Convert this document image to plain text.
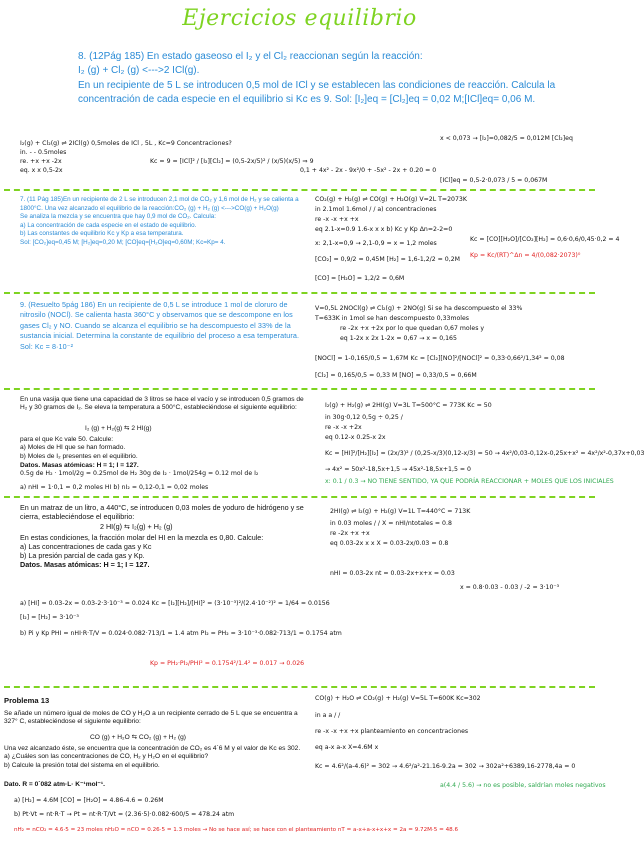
Ejercicios equilibrio
8. (12Pág 185) En estado gaseoso el I₂ y el Cl₂ reaccionan según la reacción:
I₂ (g) + Cl₂ (g) <--->2 ICl(g).
En un recipiente de 5 L se introducen 0,5 mol de ICl y se establecen las condiciones de reacción. Calcula la concentración de cada especie en el equilibrio si Kc es 9. Sol: [I₂]eq = [Cl₂]eq = 0,02 M;[ICl]eq= 0,06 M.
I₂(g) + Cl₂(g) ⇌ 2ICl(g) 0,5moles de ICl , 5L , Kc=9 Concentraciones?
in. - - 0.5moles
re. +x +x -2x
eq. x x 0,5-2x
Kc = 9 = [ICl]² / [I₂][Cl₂] = (0,5-2x/5)² / (x/5)(x/5) ⇒ 9
0,1 + 4x² - 2x - 9x²/0 + -5x² - 2x + 0.20 = 0
x < 0,073 → [I₂]=0,082/5 = 0,012M [Cl₂]eq
[ICl]eq = 0,5-2·0,073 / 5 = 0,067M
7. (11 Pág 185)En un recipiente de 2 L se introducen 2,1 mol de CO₂ y 1,6 mol de H₂ y se calienta a 1800°C. Una vez alcanzado el equilibrio de la reacción:CO₂ (g) + H₂ (g) <--->CO(g) + H₂O(g)
Se analiza la mezcla y se encuentra que hay 0,9 mol de CO₂. Calcula:
a) La concentración de cada especie en el estado de equilibrio.
b) Las constantes de equilibrio Kc y Kp a esa temperatura.
Sol: [CO₂]eq=0,45 M; [H₂]eq=0,20 M; [CO]eq=[H₂O]eq=0,60M; Kc=Kp= 4.
CO₂(g) + H₂(g) ⇌ CO(g) + H₂O(g) V=2L T=2073K
in 2.1mol 1.6mol / / a) concentraciones
re -x -x +x +x
eq 2.1-x=0.9 1.6-x x x b) Kc y Kp Δn=2-2=0
x: 2,1-x=0,9 → 2,1-0,9 = x = 1,2 moles
[CO₂] = 0,9/2 = 0,45M [H₂] = 1,6-1,2/2 = 0,2M
[CO] = [H₂O] = 1,2/2 = 0,6M
Kc = [CO][H₂O]/[CO₂][H₂] = 0,6·0,6/0,45·0,2 = 4
Kp = Kc/(RT)^Δn = 4/(0,082·2073)⁰
9. (Resuelto 5pág 186) En un recipiente de 0,5 L se introduce 1 mol de cloruro de nitrosilo (NOCl). Se calienta hasta 360°C y observamos que se descompone en los gases Cl₂ y NO. Cuando se alcanza el equilibrio se ha descompuesto el 33% de la sustancia inicial. Determina la constante de equilibrio del proceso a esa temperatura. Sol: Kc = 8·10⁻²
V=0,5L 2NOCl(g) ⇌ Cl₂(g) + 2NO(g) Si se ha descompuesto el 33%
T=633K in 1mol se han descompuesto 0,33moles
re -2x +x +2x por lo que quedan 0,67 moles y
eq 1-2x x 2x 1-2x = 0,67 → x = 0,165
[NOCl] = 1-0,165/0,5 = 1,67M Kc = [Cl₂][NO]²/[NOCl]² = 0,33·0,66²/1,34² = 0,08
[Cl₂] = 0,165/0,5 = 0,33 M [NO] = 0,33/0,5 = 0,66M
En una vasija que tiene una capacidad de 3 litros se hace el vacío y se introducen 0,5 gramos de H₂ y 30 gramos de I₂. Se eleva la temperatura a 500°C, estableciéndose el siguiente equilibrio:
I₂ (g) + H₂(g) ⇆ 2 HI(g)
para el que Kc vale 50. Calcule:
a) Moles de HI que se han formado.
b) Moles de I₂ presentes en el equilibrio.
Datos. Masas atómicas: H = 1; I = 127.
I₂(g) + H₂(g) ⇌ 2HI(g) V=3L T=500°C = 773K Kc = 50
in 30g·0,12 0,5g ÷ 0,25 /
re -x -x +2x
eq 0.12-x 0.25-x 2x
Kc = [HI]²/[H₂][I₂] = (2x/3)² / (0,25-x/3)(0,12-x/3) = 50 → 4x²/0,03-0,12x-0,25x+x² = 4x²/x²-0,37x+0,03
0.5g de H₂ · 1mol/2g = 0.25mol de H₂ 30g de I₂ · 1mol/254g = 0.12 mol de I₂
→ 4x² = 50x²-18,5x+1,5 → 45x²-18,5x+1,5 = 0
a) nHI = 1·0,1 = 0,2 moles HI b) nI₂ = 0,12-0,1 = 0,02 moles
x: 0.1 / 0.3 → NO TIENE SENTIDO, YA QUE PODRÍA REACCIONAR + MOLES QUE LOS INICIALES
En un matraz de un litro, a 440°C, se introducen 0,03 moles de yoduro de hidrógeno y se cierra, estableciéndose el equilibrio:
2 HI(g) ⇆ I₂(g) + H₂ (g)
En estas condiciones, la fracción molar del HI en la mezcla es 0,80. Calcule:
a) Las concentraciones de cada gas y Kc
b) La presión parcial de cada gas y Kp.
Datos. Masas atómicas: H = 1; I = 127.
2HI(g) ⇌ I₂(g) + H₂(g) V=1L T=440°C = 713K
in 0.03 moles / / X = nHI/ntotales = 0.8
re -2x +x +x
eq 0.03-2x x x X = 0.03-2x/0.03 = 0.8
nHI = 0.03-2x nt = 0.03-2x+x+x = 0.03
x = 0.8·0.03 - 0.03 / -2 = 3·10⁻³
a) [HI] = 0.03-2x = 0.03-2·3·10⁻³ = 0.024 Kc = [I₂][H₂]/[HI]² = (3·10⁻³)²/(2.4·10⁻²)² = 1/64 = 0.0156
[I₂] = [H₂] = 3·10⁻³
b) Pi y Kp PHI = nHI·R·T/V = 0.024·0.082·713/1 = 1.4 atm PI₂ = PH₂ = 3·10⁻³·0.082·713/1 = 0.1754 atm
Kp = PH₂·PI₂/PHI² = 0.1754²/1.4² = 0.017 → 0.026
Problema 13
Se añade un número igual de moles de CO y H₂O a un recipiente cerrado de 5 L que se encuentra a 327° C, estableciéndose el siguiente equilibrio:
CO (g) + H₂O ⇆ CO₂ (g) + H₂ (g)
Una vez alcanzado éste, se encuentra que la concentración de CO₂ es 4´6 M y el valor de Kc es 302.
a) ¿Cuáles son las concentraciones de CO, H₂ y H₂O en el equilibrio?
b) Calcule la presión total del sistema en el equilibrio.
Dato. R = 0´082 atm·L· K⁻¹mol⁻¹.
CO(g) + H₂O ⇌ CO₂(g) + H₂(g) V=5L T=600K Kc=302
in a a / /
re -x -x +x +x planteamiento en concentraciones
eq a-x a-x X=4.6M x
Kc = 4.6²/(a-4.6)² = 302 → 4.6²/a²-21.16-9.2a = 302 → 302a²+6389,16-2778,4a = 0
a(4.4 / 5.6) → no es posible, saldrían moles negativos
a) [H₂] = 4.6M [CO] = [H₂O] = 4.86-4.6 = 0.26M
b) Pt·Vt = nt·R·T → Pt = nt·R·T/Vt = (2.36·5)·0.082·600/5 = 478.24 atm
nH₂ = nCO₂ = 4.6·5 = 23 moles nH₂O = nCO = 0.26·5 = 1.3 moles → No se hace así; se hace con el planteamiento nT = a-x+a-x+x+x = 2a = 9.72M·5 = 48.6
